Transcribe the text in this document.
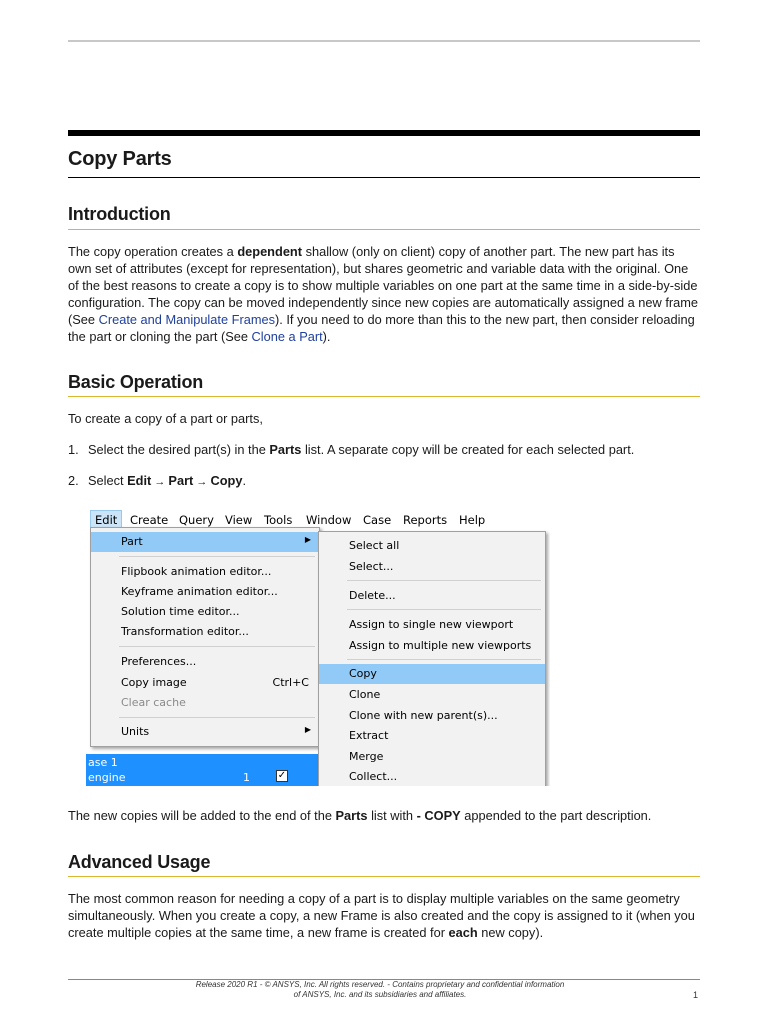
Copy Parts
Introduction

The copy operation creates a dependent shallow (only on client) copy of another part. The new part has its own set of attributes (except for representation), but shares geometric and variable data with the original. One of the best reasons to create a copy is to show multiple variables on one part at the same time in a side-by-side configuration. The copy can be moved independently since new copies are automatically assigned a new frame (See Create and Manipulate Frames). If you need to do more than this to the new part, then consider reloading the part or cloning the part (See Clone a Part).

Basic Operation

To create a copy of a part or parts,

1. Select the desired part(s) in the Parts list. A separate copy will be created for each selected part.
2. Select Edit → Part → Copy.
ase 1
engine	1	✓
Edit	Create Query View Tools Window Case Reports Help
Part	▶
Flipbook animation editor...
Keyframe animation editor...
Solution time editor...
Transformation editor...
Preferences...
Copy image	Ctrl+C
Clear cache
Units	▶
Select all
Select...
Delete...
Assign to single new viewport
Assign to multiple new viewports
Copy
Clone
Clone with new parent(s)...
Extract
Merge
Collect...

The new copies will be added to the end of the Parts list with - COPY appended to the part description.

Advanced Usage

The most common reason for needing a copy of a part is to display multiple variables on the same geometry simultaneously. When you create a copy, a new Frame is also created and the copy is assigned to it (when you create multiple copies at the same time, a new frame is created for each new copy).

Release 2020 R1 - © ANSYS, Inc. All rights reserved. - Contains proprietary and confidential information
of ANSYS, Inc. and its subsidiaries and affiliates.	1
